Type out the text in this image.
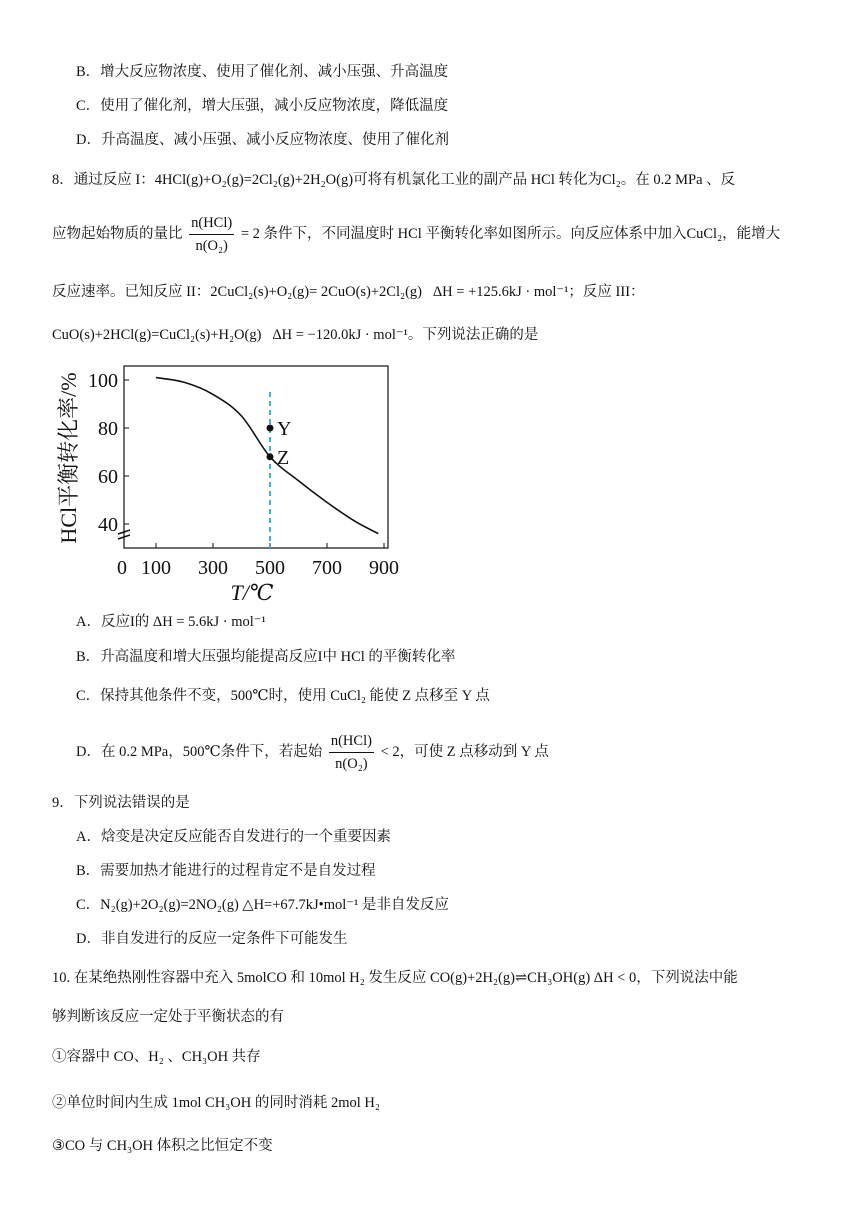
B．增大反应物浓度、使用了催化剂、减小压强、升高温度
C．使用了催化剂，增大压强，减小反应物浓度，降低温度
D．升高温度、减小压强、减小反应物浓度、使用了催化剂
8．通过反应 I：4HCl(g)+O₂(g)=2Cl₂(g)+2H₂O(g)可将有机氯化工业的副产品 HCl 转化为Cl₂。在 0.2 MPa 、反
应物起始物质的量比 $\frac{\text{n(HCl)}}{\text{n(O₂)}} = 2$ 条件下，不同温度时 HCl 平衡转化率如图所示。向反应体系中加入CuCl₂，能增大
反应速率。已知反应 II：2CuCl₂(s)+O₂(g)= 2CuO(s)+2Cl₂(g) ΔH = +125.6kJ · mol⁻¹；反应 III：
CuO(s)+2HCl(g)=CuCl₂(s)+H₂O(g) ΔH = −120.0kJ · mol⁻¹。下列说法正确的是
0 100 300 500 700 900
40
60
80
100
T/℃
HCl平衡转化率/%	Y
Z
A．反应I的 ΔH = 5.6kJ · mol⁻¹
B．升高温度和增大压强均能提高反应I中 HCl 的平衡转化率
C．保持其他条件不变，500℃时，使用 CuCl₂ 能使 Z 点移至 Y 点
D．在 0.2 MPa，500℃条件下，若起始 $\frac{\text{n(HCl)}}{\text{n(O₂)}} < 2$，可使 Z 点移动到 Y 点
9．下列说法错误的是
A．焓变是决定反应能否自发进行的一个重要因素
B．需要加热才能进行的过程肯定不是自发过程
C．N₂(g)+2O₂(g)=2NO₂(g) △H=+67.7kJ•mol⁻¹ 是非自发反应
D．非自发进行的反应一定条件下可能发生
10. 在某绝热刚性容器中充入 5molCO 和 10mol H₂ 发生反应 CO(g)+2H₂(g)⇌CH₃OH(g) ΔH < 0，下列说法中能
够判断该反应一定处于平衡状态的有
①容器中 CO、H₂ 、CH₃OH 共存
②单位时间内生成 1mol CH₃OH 的同时消耗 2mol H₂
③CO 与 CH₃OH 体积之比恒定不变
